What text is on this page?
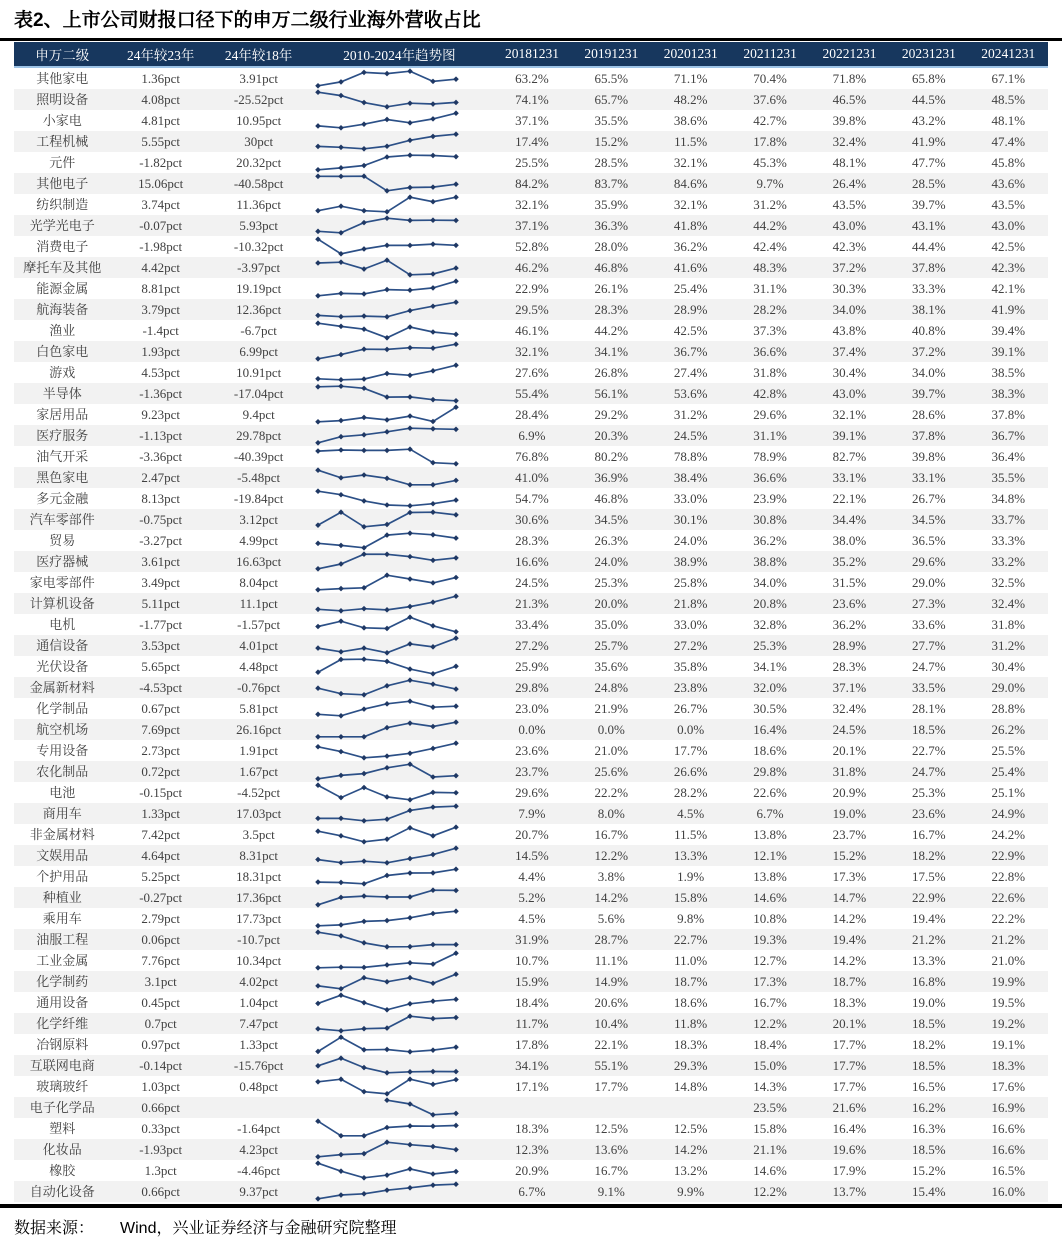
表2、上市公司财报口径下的申万二级行业海外营收占比
申万二级	24年较23年	24年较18年	2010-2024年趋势图	20181231	20191231	20201231	20211231	20221231	20231231	20241231
其他家电	1.36pct	3.91pct		63.2%	65.5%	71.1%	70.4%	71.8%	65.8%	67.1%
照明设备	4.08pct	-25.52pct		74.1%	65.7%	48.2%	37.6%	46.5%	44.5%	48.5%
小家电	4.81pct	10.95pct		37.1%	35.5%	38.6%	42.7%	39.8%	43.2%	48.1%
工程机械	5.55pct	30pct		17.4%	15.2%	11.5%	17.8%	32.4%	41.9%	47.4%
元件	-1.82pct	20.32pct		25.5%	28.5%	32.1%	45.3%	48.1%	47.7%	45.8%
其他电子	15.06pct	-40.58pct		84.2%	83.7%	84.6%	9.7%	26.4%	28.5%	43.6%
纺织制造	3.74pct	11.36pct		32.1%	35.9%	32.1%	31.2%	43.5%	39.7%	43.5%
光学光电子	-0.07pct	5.93pct		37.1%	36.3%	41.8%	44.2%	43.0%	43.1%	43.0%
消费电子	-1.98pct	-10.32pct		52.8%	28.0%	36.2%	42.4%	42.3%	44.4%	42.5%
摩托车及其他	4.42pct	-3.97pct		46.2%	46.8%	41.6%	48.3%	37.2%	37.8%	42.3%
能源金属	8.81pct	19.19pct		22.9%	26.1%	25.4%	31.1%	30.3%	33.3%	42.1%
航海装备	3.79pct	12.36pct		29.5%	28.3%	28.9%	28.2%	34.0%	38.1%	41.9%
渔业	-1.4pct	-6.7pct		46.1%	44.2%	42.5%	37.3%	43.8%	40.8%	39.4%
白色家电	1.93pct	6.99pct		32.1%	34.1%	36.7%	36.6%	37.4%	37.2%	39.1%
游戏	4.53pct	10.91pct		27.6%	26.8%	27.4%	31.8%	30.4%	34.0%	38.5%
半导体	-1.36pct	-17.04pct		55.4%	56.1%	53.6%	42.8%	43.0%	39.7%	38.3%
家居用品	9.23pct	9.4pct		28.4%	29.2%	31.2%	29.6%	32.1%	28.6%	37.8%
医疗服务	-1.13pct	29.78pct		6.9%	20.3%	24.5%	31.1%	39.1%	37.8%	36.7%
油气开采	-3.36pct	-40.39pct		76.8%	80.2%	78.8%	78.9%	82.7%	39.8%	36.4%
黑色家电	2.47pct	-5.48pct		41.0%	36.9%	38.4%	36.6%	33.1%	33.1%	35.5%
多元金融	8.13pct	-19.84pct		54.7%	46.8%	33.0%	23.9%	22.1%	26.7%	34.8%
汽车零部件	-0.75pct	3.12pct		30.6%	34.5%	30.1%	30.8%	34.4%	34.5%	33.7%
贸易	-3.27pct	4.99pct		28.3%	26.3%	24.0%	36.2%	38.0%	36.5%	33.3%
医疗器械	3.61pct	16.63pct		16.6%	24.0%	38.9%	38.8%	35.2%	29.6%	33.2%
家电零部件	3.49pct	8.04pct		24.5%	25.3%	25.8%	34.0%	31.5%	29.0%	32.5%
计算机设备	5.11pct	11.1pct		21.3%	20.0%	21.8%	20.8%	23.6%	27.3%	32.4%
电机	-1.77pct	-1.57pct		33.4%	35.0%	33.0%	32.8%	36.2%	33.6%	31.8%
通信设备	3.53pct	4.01pct		27.2%	25.7%	27.2%	25.3%	28.9%	27.7%	31.2%
光伏设备	5.65pct	4.48pct		25.9%	35.6%	35.8%	34.1%	28.3%	24.7%	30.4%
金属新材料	-4.53pct	-0.76pct		29.8%	24.8%	23.8%	32.0%	37.1%	33.5%	29.0%
化学制品	0.67pct	5.81pct		23.0%	21.9%	26.7%	30.5%	32.4%	28.1%	28.8%
航空机场	7.69pct	26.16pct		0.0%	0.0%	0.0%	16.4%	24.5%	18.5%	26.2%
专用设备	2.73pct	1.91pct		23.6%	21.0%	17.7%	18.6%	20.1%	22.7%	25.5%
农化制品	0.72pct	1.67pct		23.7%	25.6%	26.6%	29.8%	31.8%	24.7%	25.4%
电池	-0.15pct	-4.52pct		29.6%	22.2%	28.2%	22.6%	20.9%	25.3%	25.1%
商用车	1.33pct	17.03pct		7.9%	8.0%	4.5%	6.7%	19.0%	23.6%	24.9%
非金属材料	7.42pct	3.5pct		20.7%	16.7%	11.5%	13.8%	23.7%	16.7%	24.2%
文娱用品	4.64pct	8.31pct		14.5%	12.2%	13.3%	12.1%	15.2%	18.2%	22.9%
个护用品	5.25pct	18.31pct		4.4%	3.8%	1.9%	13.8%	17.3%	17.5%	22.8%
种植业	-0.27pct	17.36pct		5.2%	14.2%	15.8%	14.6%	14.7%	22.9%	22.6%
乘用车	2.79pct	17.73pct		4.5%	5.6%	9.8%	10.8%	14.2%	19.4%	22.2%
油服工程	0.06pct	-10.7pct		31.9%	28.7%	22.7%	19.3%	19.4%	21.2%	21.2%
工业金属	7.76pct	10.34pct		10.7%	11.1%	11.0%	12.7%	14.2%	13.3%	21.0%
化学制药	3.1pct	4.02pct		15.9%	14.9%	18.7%	17.3%	18.7%	16.8%	19.9%
通用设备	0.45pct	1.04pct		18.4%	20.6%	18.6%	16.7%	18.3%	19.0%	19.5%
化学纤维	0.7pct	7.47pct		11.7%	10.4%	11.8%	12.2%	20.1%	18.5%	19.2%
冶钢原料	0.97pct	1.33pct		17.8%	22.1%	18.3%	18.4%	17.7%	18.2%	19.1%
互联网电商	-0.14pct	-15.76pct		34.1%	55.1%	29.3%	15.0%	17.7%	18.5%	18.3%
玻璃玻纤	1.03pct	0.48pct		17.1%	17.7%	14.8%	14.3%	17.7%	16.5%	17.6%
电子化学品	0.66pct						23.5%	21.6%	16.2%	16.9%
塑料	0.33pct	-1.64pct		18.3%	12.5%	12.5%	15.8%	16.4%	16.3%	16.6%
化妆品	-1.93pct	4.23pct		12.3%	13.6%	14.2%	21.1%	19.6%	18.5%	16.6%
橡胶	1.3pct	-4.46pct		20.9%	16.7%	13.2%	14.6%	17.9%	15.2%	16.5%
自动化设备	0.66pct	9.37pct		6.7%	9.1%	9.9%	12.2%	13.7%	15.4%	16.0%
数据来源： Wind，兴业证券经济与金融研究院整理
